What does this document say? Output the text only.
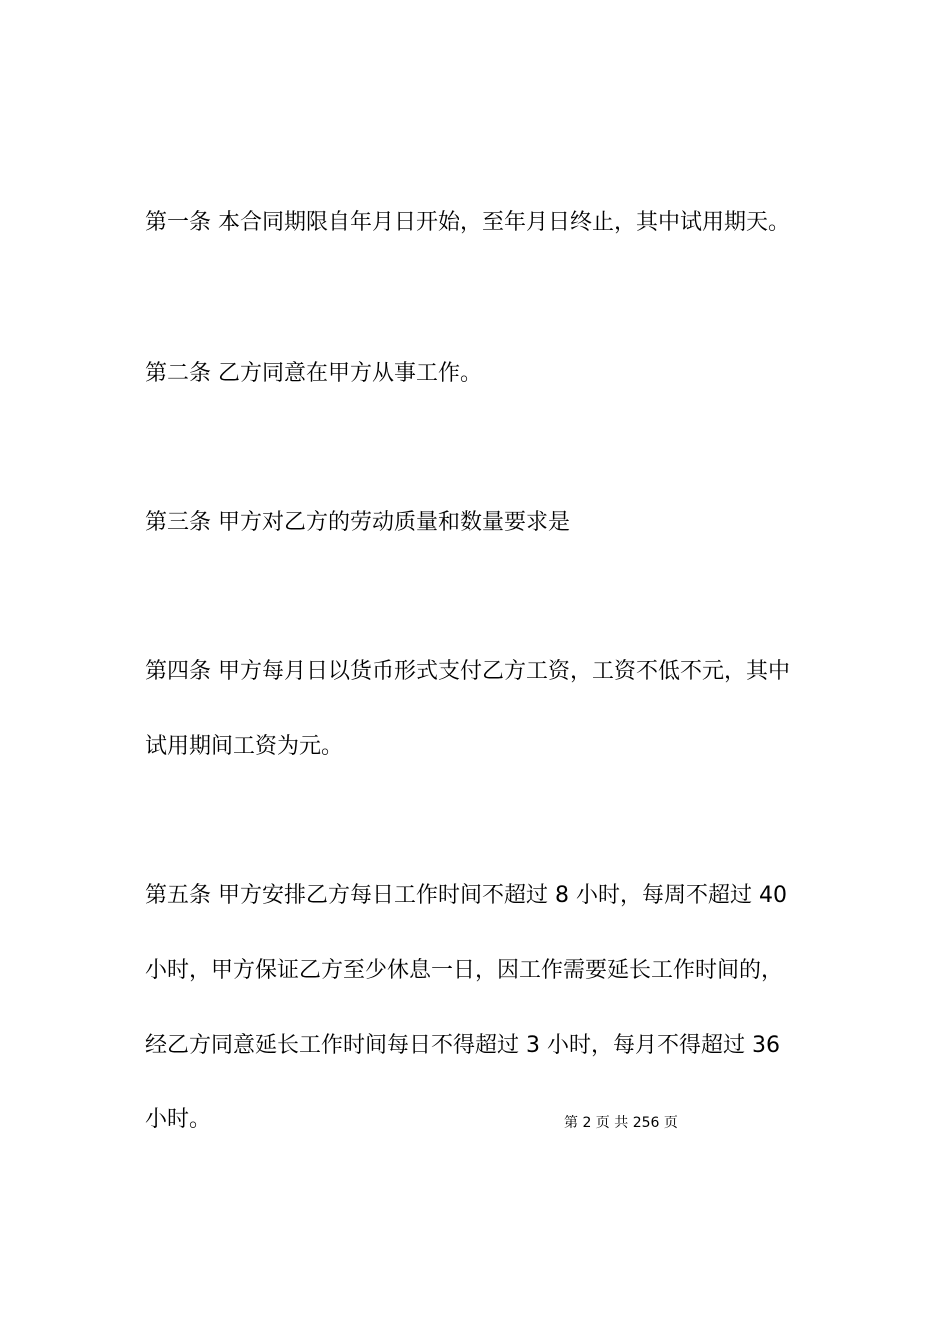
第一条 本合同期限自年月日开始，至年月日终止，其中试用期天。

第二条 乙方同意在甲方从事工作。

第三条 甲方对乙方的劳动质量和数量要求是

第四条 甲方每月日以货币形式支付乙方工资，工资不低不元，其中

试用期间工资为元。

第五条 甲方安排乙方每日工作时间不超过 8 小时，每周不超过 40

小时，甲方保证乙方至少休息一日，因工作需要延长工作时间的，

经乙方同意延长工作时间每日不得超过 3 小时，每月不得超过 36

小时。	第 2 页 共 256 页
